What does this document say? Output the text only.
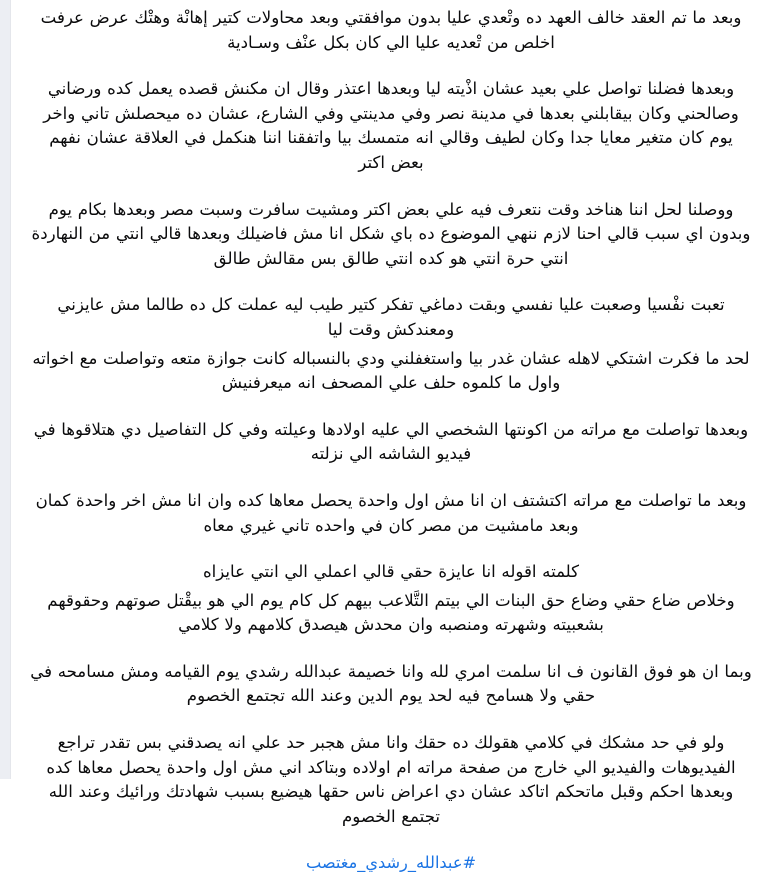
وبعد ما تم العقد خالف العهد ده وتْعدي عليا بدون موافقتي وبعد محاولات كتير إهانْة وهتْك عرض عرفت اخلص من تْعديه عليا الي كان بكل عنْف وسـادية

وبعدها فضلنا تواصل علي بعيد عشان اذْيته ليا وبعدها اعتذر وقال ان مكنش قصده يعمل كده ورضاني وصالحني وكان بيقابلني بعدها في مدينة نصر وفي مدينتي وفي الشارع، عشان ده ميحصلش تاني واخر يوم كان متغير معايا جدا وكان لطيف وقالي انه متمسك بيا واتفقنا اننا هنكمل في العلاقة عشان نفهم بعض اكتر

ووصلنا لحل اننا هناخد وقت نتعرف فيه علي بعض اكتر ومشيت سافرت وسبت مصر وبعدها بكام يوم وبدون اي سبب قالي احنا لازم ننهي الموضوع ده باي شكل انا مش فاضيلك وبعدها قالي انتي من النهاردة انتي حرة انتي هو كده انتي طالق بس مقالش طالق

تعبت نفْسيا وصعبت عليا نفسي وبقت دماغي تفكر كتير طيب ليه عملت كل ده طالما مش عايزني ومعندكش وقت ليا

لحد ما فكرت اشتكي لاهله عشان غدر بيا واستغفلني ودي بالنسباله كانت جوازة متعه وتواصلت مع اخواته واول ما كلموه حلف علي المصحف انه ميعرفنيش

وبعدها تواصلت مع مراته من اكونتها الشخصي الي عليه اولادها وعيلته وفي كل التفاصيل دي هتلاقوها في فيديو الشاشه الي نزلته

وبعد ما تواصلت مع مراته اكتشتف ان انا مش اول واحدة يحصل معاها كده وان انا مش اخر واحدة كمان وبعد مامشيت من مصر كان في واحده تاني غيري معاه

كلمته اقوله انا عايزة حقي قالي اعملي الي انتي عايزاه

وخلاص ضاع حقي وضاع حق البنات الي بيتم التَّلاعب بيهم كل كام يوم الي هو بيقْتل صوتهم وحقوقهم بشعبيته وشهرته ومنصبه وان محدش هيصدق كلامهم ولا كلامي

وبما ان هو فوق القانون ف انا سلمت امري لله وانا خصيمة عبدالله رشدي يوم القيامه ومش مسامحه في حقي ولا هسامح فيه لحد يوم الدين وعند الله تجتمع الخصوم

ولو في حد مشكك في كلامي هقولك ده حقك وانا مش هجبر حد علي انه يصدقني بس تقدر تراجع الفيديوهات والفيديو الي خارج من صفحة مراته ام اولاده وبتاكد اني مش اول واحدة يحصل معاها كده وبعدها احكم وقبل ماتحكم اتاكد عشان دي اعراض ناس حقها هيضيع بسبب شهادتك ورائيك وعند الله تجتمع الخصوم

#عبدالله_رشدي_مغتصب
